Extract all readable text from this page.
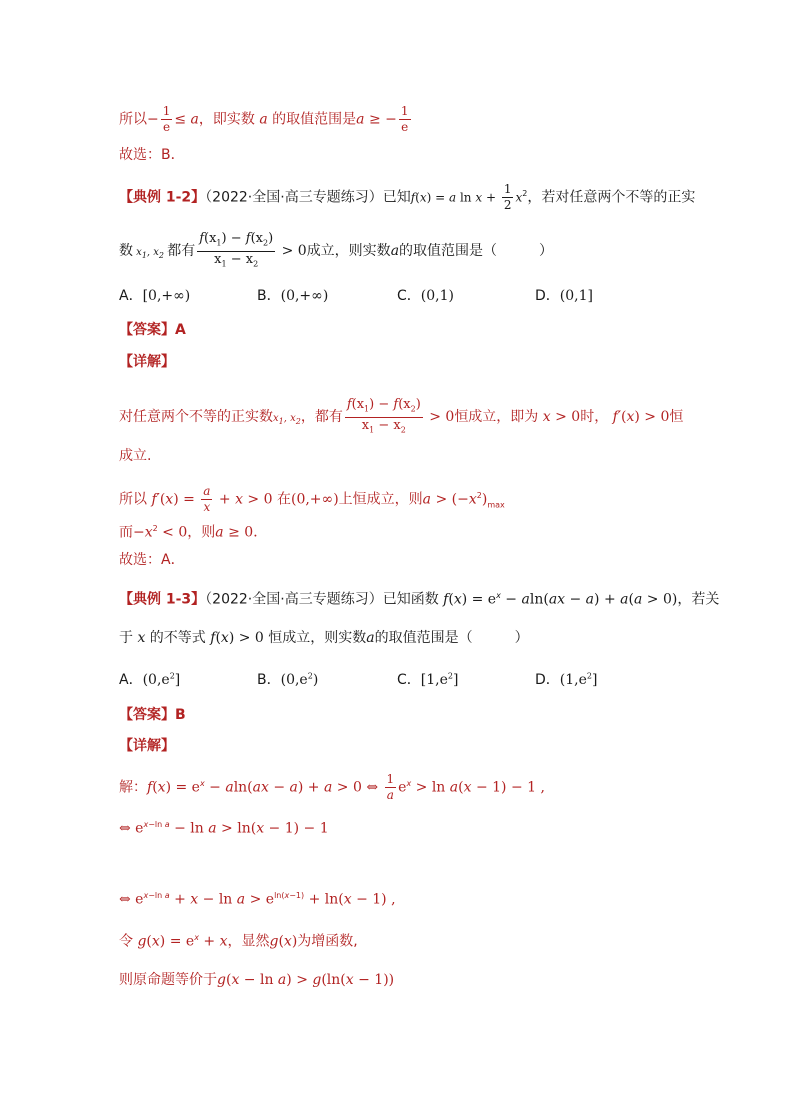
所以− $\frac{1}{e} \le a$，即实数 a 的取值范围是a ≥ − $\frac{1}{e}$
故选：B．
【典例 1-2】（2022·全国·高三专题练习）已知f(x) = a $\ln x + \frac{1}{2} x^2$，若对任意两个不等的正实
数 $x_1$, $x_2$ 都有 $\frac{f(x_1) - f(x_2)}{x_1 - x_2} > 0$成立，则实数a的取值范围是（　　　）
A．[0,+∞)	B．(0,+∞)	C．(0,1)	D．(0,1]
【答案】A
【详解】
对任意两个不等的正实数$x_1$, $x_2$，都有 $\frac{f(x_1) - f(x_2)}{x_1 - x_2} > 0$恒成立，即为 x > 0时， f′(x) > 0恒
成立.
所以 $f'(x) = \frac{a}{x} + x > 0$ 在(0,+∞)上恒成立，则$a > (-x^2)_{max}$
而$-x^2 < 0$，则a ≥ 0．
故选：A．
【典例 1-3】（2022·全国·高三专题练习）已知函数 $f(x) = e^x - aln(ax - a) + a(a > 0)$，若关
于 x 的不等式 f(x) > 0 恒成立，则实数a的取值范围是（　　　）
A．$(0,e^2]$	B．$(0,e^2)$	C．$[1,e^2]$	D．$(1,e^2]$
【答案】B
【详解】
解：$f(x) = e^x - aln(ax - a) + a > 0$ ⇔ $\frac{1}{a} e^x > \ln a(x - 1) - 1$ ,
⇔ $e^{x-ln a} - \ln a > \ln(x - 1) - 1$
⇔ $e^{x-ln a} + x - \ln a > e^{ln(x-1)} + \ln(x - 1)$ ,
令 $g(x) = e^x + x$，显然g(x)为增函数,
则原命题等价于g(x − ln a) > g(ln(x − 1))
